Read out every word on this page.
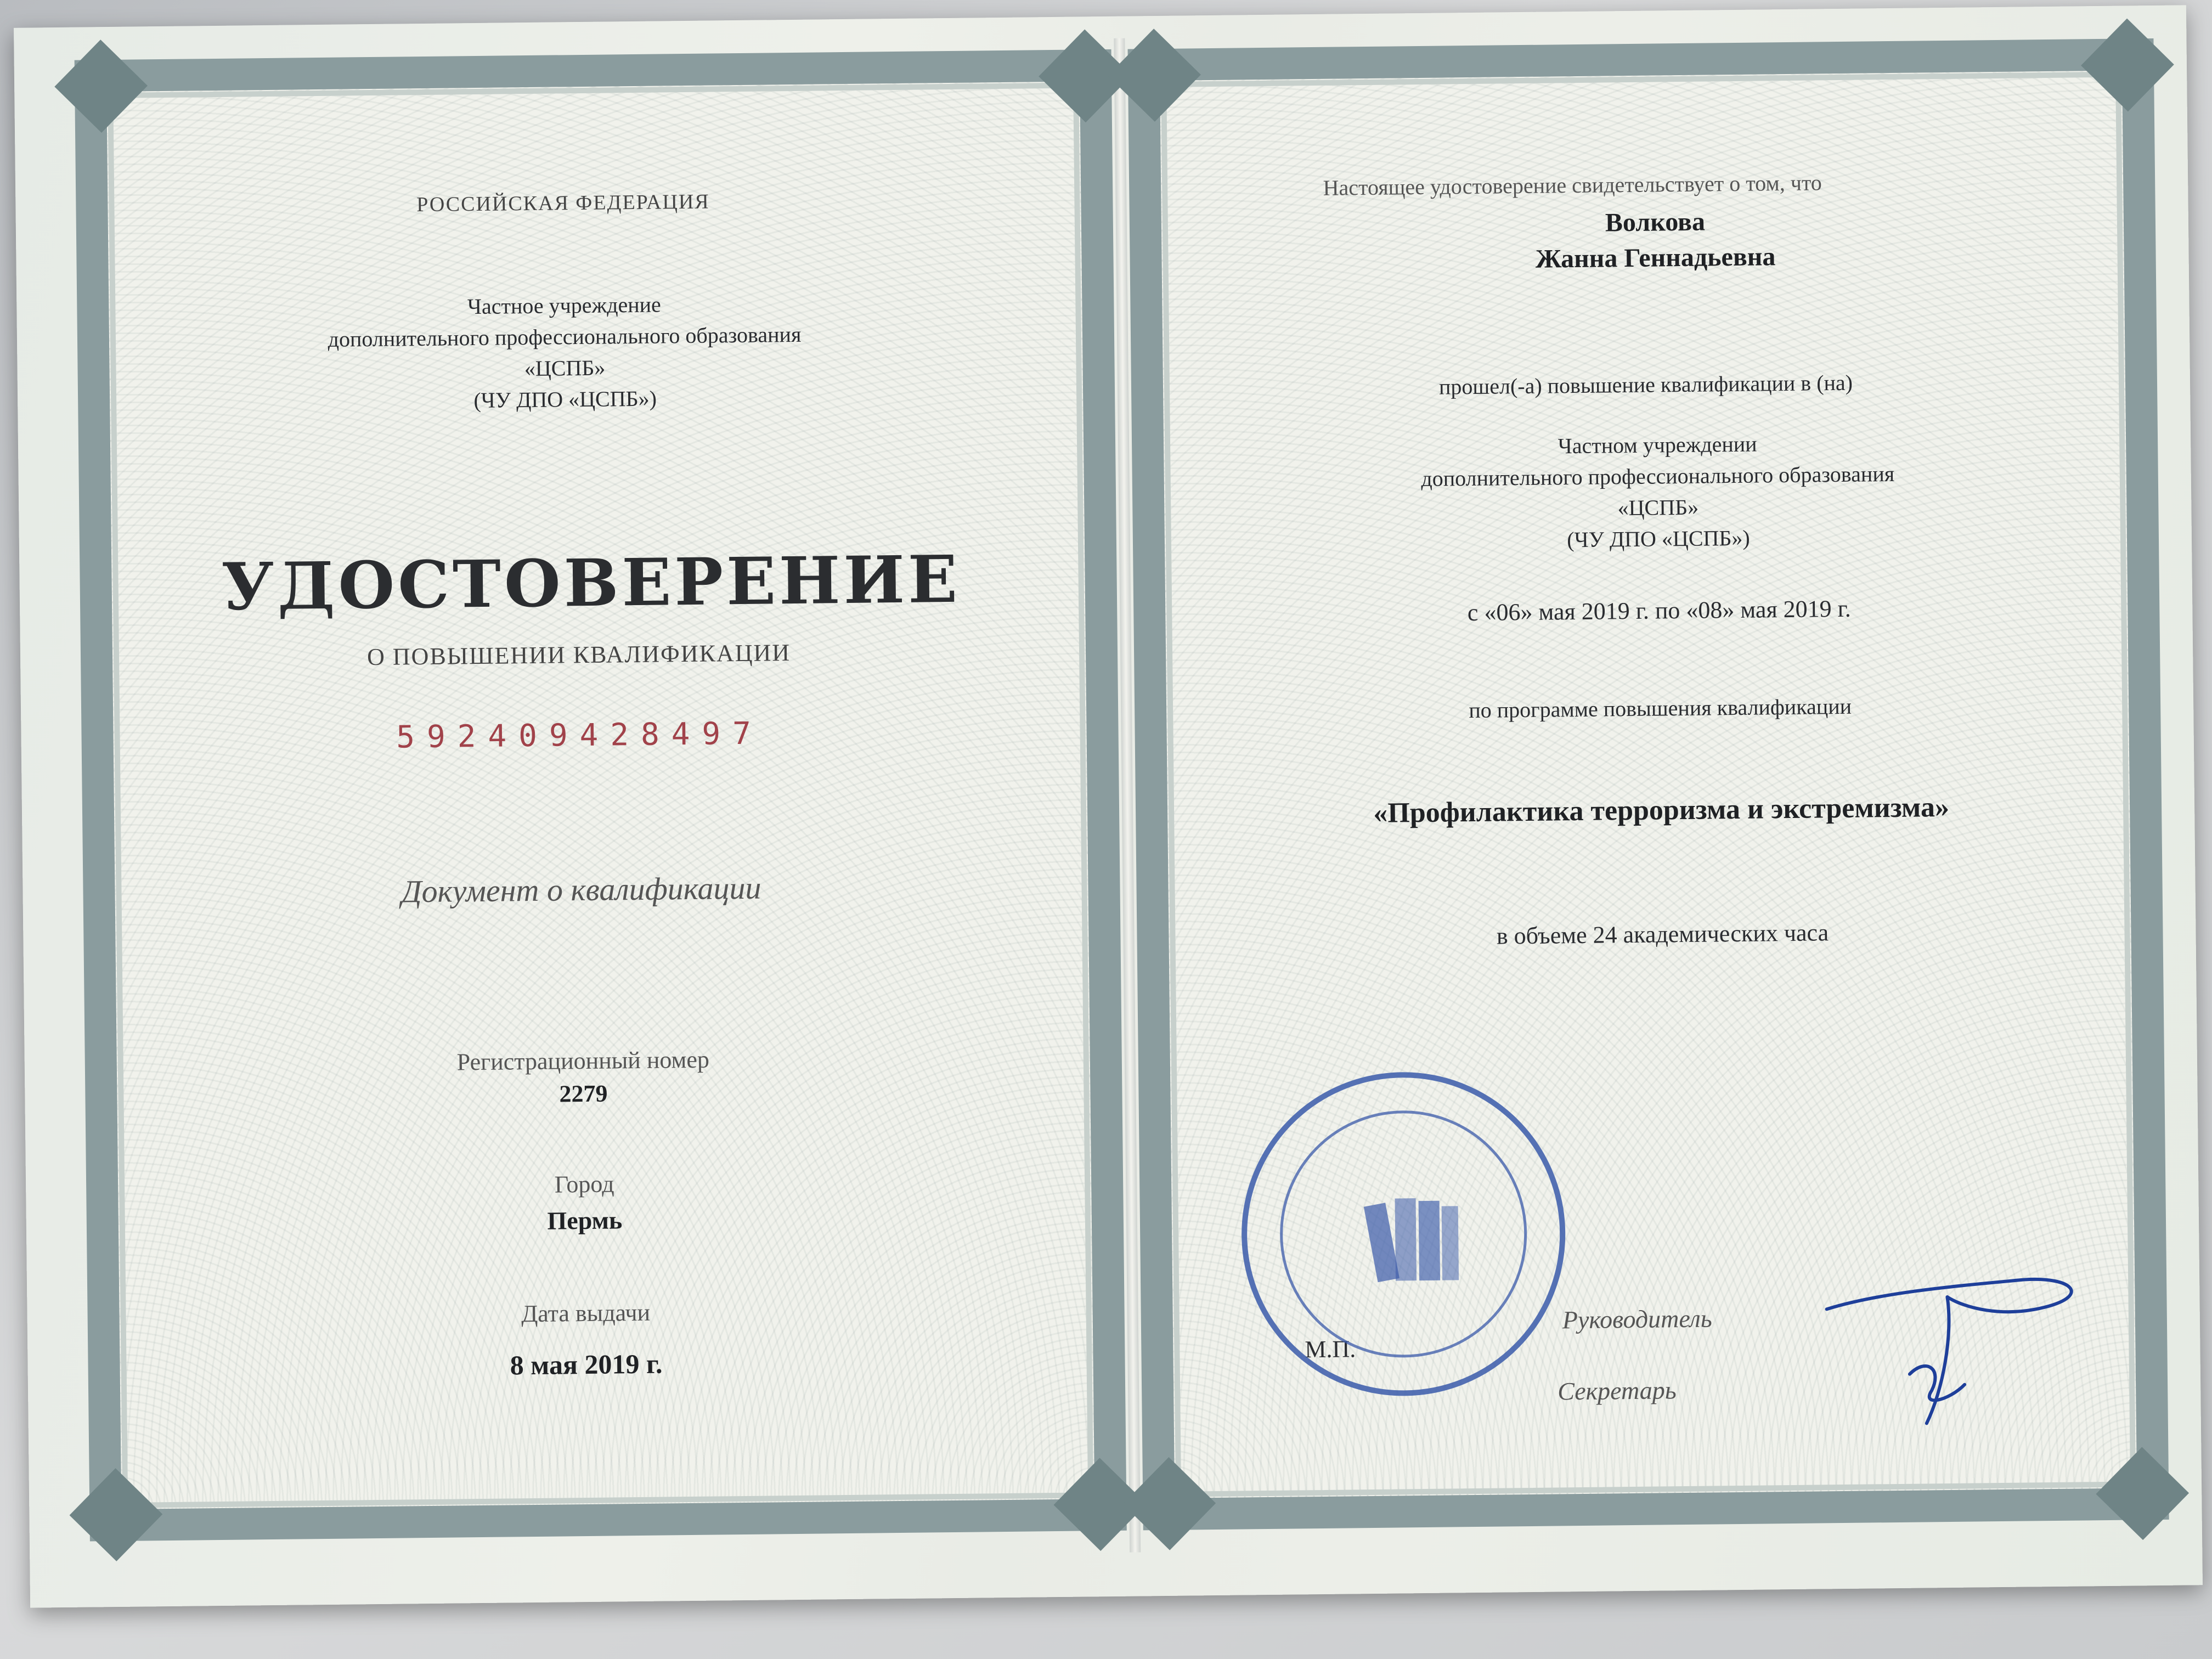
РОССИЙСКАЯ ФЕДЕРАЦИЯ
Частное учреждение
дополнительного профессионального образования
«ЦСПБ»
(ЧУ ДПО «ЦСПБ»)
УДОСТОВЕРЕНИЕ
О ПОВЫШЕНИИ КВАЛИФИКАЦИИ
592409428497
Документ о квалификации
Регистрационный номер
2279
Город
Пермь
Дата выдачи
8 мая 2019 г.
Настоящее удостоверение свидетельствует о том, что
Волкова
Жанна Геннадьевна
прошел(-а) повышение квалификации в (на)
Частном учреждении
дополнительного профессионального образования
«ЦСПБ»
(ЧУ ДПО «ЦСПБ»)
с «06» мая 2019 г. по «08» мая 2019 г.
по программе повышения квалификации
«Профилактика терроризма и экстремизма»
в объеме 24 академических часа
М.П.
Руководитель
Секретарь
